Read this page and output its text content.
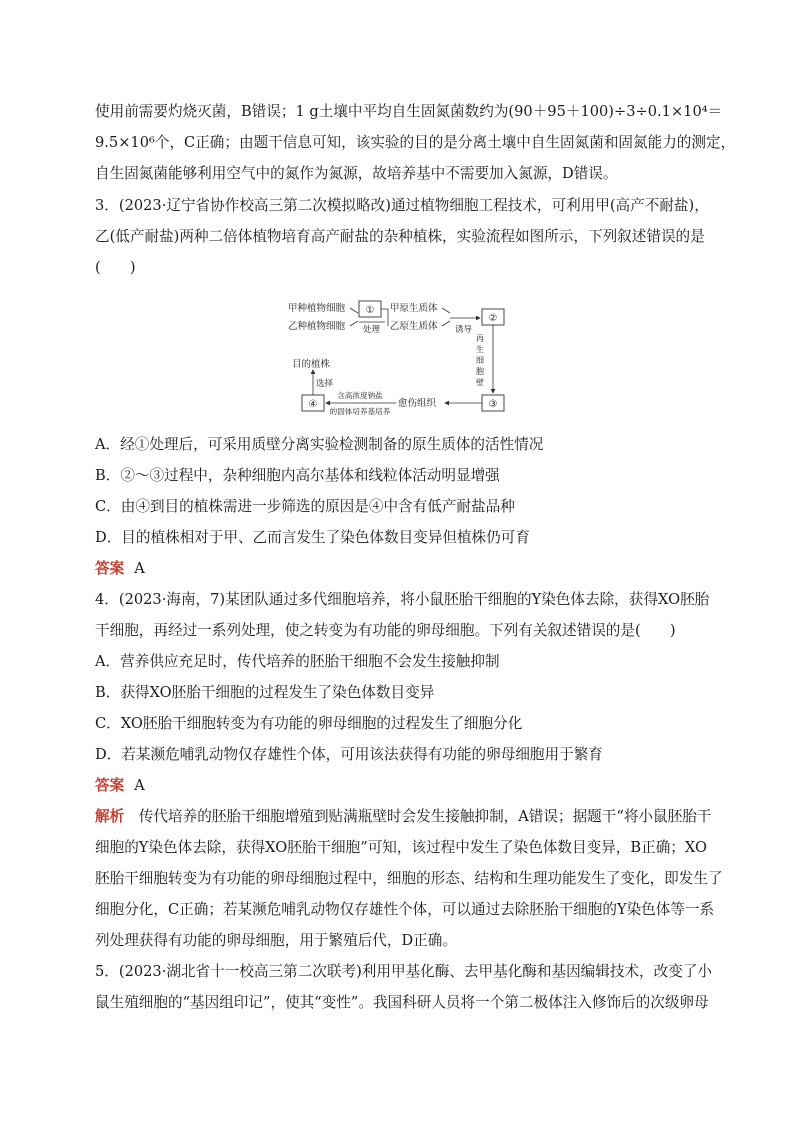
使用前需要灼烧灭菌，B错误；1 g土壤中平均自生固氮菌数约为(90＋95＋100)÷3÷0.1×10⁴＝
9.5×10⁶个，C正确；由题干信息可知，该实验的目的是分离土壤中自生固氮菌和固氮能力的测定，
自生固氮菌能够利用空气中的氮作为氮源，故培养基中不需要加入氮源，D错误。
3．(2023·辽宁省协作校高三第二次模拟略改)通过植物细胞工程技术，可利用甲(高产不耐盐)，
乙(低产耐盐)两种二倍体植物培育高产耐盐的杂种植株，实验流程如图所示，下列叙述错误的是
(　　)
甲种植物细胞
乙种植物细胞
①
处理
甲原生质体
乙原生质体 诱导
②
再
生
细
胞
壁
③
愈伤组织
含高浓度钠盐
的固体培养基培养
④
选择
目的植株
A．经①处理后，可采用质壁分离实验检测制备的原生质体的活性情况
B．②～③过程中，杂种细胞内高尔基体和线粒体活动明显增强
C．由④到目的植株需进一步筛选的原因是④中含有低产耐盐品种
D．目的植株相对于甲、乙而言发生了染色体数目变异但植株仍可育
答案 A
4．(2023·海南，7)某团队通过多代细胞培养，将小鼠胚胎干细胞的Y染色体去除，获得XO胚胎
干细胞，再经过一系列处理，使之转变为有功能的卵母细胞。下列有关叙述错误的是(　　)
A．营养供应充足时，传代培养的胚胎干细胞不会发生接触抑制
B．获得XO胚胎干细胞的过程发生了染色体数目变异
C．XO胚胎干细胞转变为有功能的卵母细胞的过程发生了细胞分化
D．若某濒危哺乳动物仅存雄性个体，可用该法获得有功能的卵母细胞用于繁育
答案 A
解析　 传代培养的胚胎干细胞增殖到贴满瓶壁时会发生接触抑制，A错误；据题干“将小鼠胚胎干
细胞的Y染色体去除，获得XO胚胎干细胞”可知，该过程中发生了染色体数目变异，B正确；XO
胚胎干细胞转变为有功能的卵母细胞过程中，细胞的形态、结构和生理功能发生了变化，即发生了
细胞分化，C正确；若某濒危哺乳动物仅存雄性个体，可以通过去除胚胎干细胞的Y染色体等一系
列处理获得有功能的卵母细胞，用于繁殖后代，D正确。
5．(2023·湖北省十一校高三第二次联考)利用甲基化酶、去甲基化酶和基因编辑技术，改变了小
鼠生殖细胞的“基因组印记”，使其“变性”。我国科研人员将一个第二极体注入修饰后的次级卵母
